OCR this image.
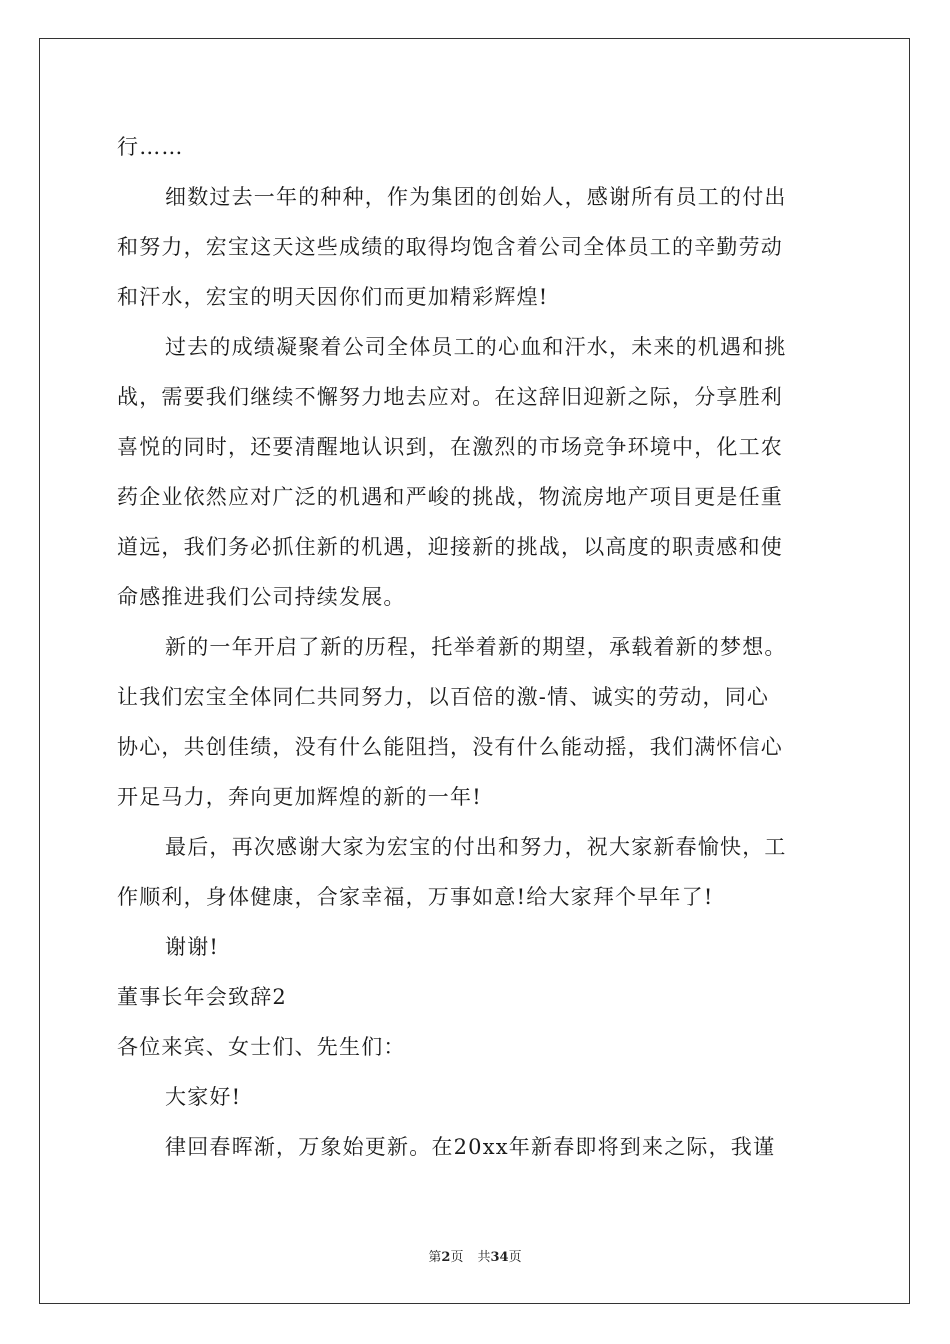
行……
细数过去一年的种种，作为集团的创始人，感谢所有员工的付出
和努力，宏宝这天这些成绩的取得均饱含着公司全体员工的辛勤劳动
和汗水，宏宝的明天因你们而更加精彩辉煌!
过去的成绩凝聚着公司全体员工的心血和汗水，未来的机遇和挑
战，需要我们继续不懈努力地去应对。在这辞旧迎新之际，分享胜利
喜悦的同时，还要清醒地认识到，在激烈的市场竞争环境中，化工农
药企业依然应对广泛的机遇和严峻的挑战，物流房地产项目更是任重
道远，我们务必抓住新的机遇，迎接新的挑战，以高度的职责感和使
命感推进我们公司持续发展。
新的一年开启了新的历程，托举着新的期望，承载着新的梦想。
让我们宏宝全体同仁共同努力，以百倍的激-情、诚实的劳动，同心
协心，共创佳绩，没有什么能阻挡，没有什么能动摇，我们满怀信心
开足马力，奔向更加辉煌的新的一年!
最后，再次感谢大家为宏宝的付出和努力，祝大家新春愉快，工
作顺利，身体健康，合家幸福，万事如意!给大家拜个早年了!
谢谢!
董事长年会致辞2
各位来宾、女士们、先生们：
大家好!
律回春晖渐，万象始更新。在20xx年新春即将到来之际，我谨
第2页 共34页
